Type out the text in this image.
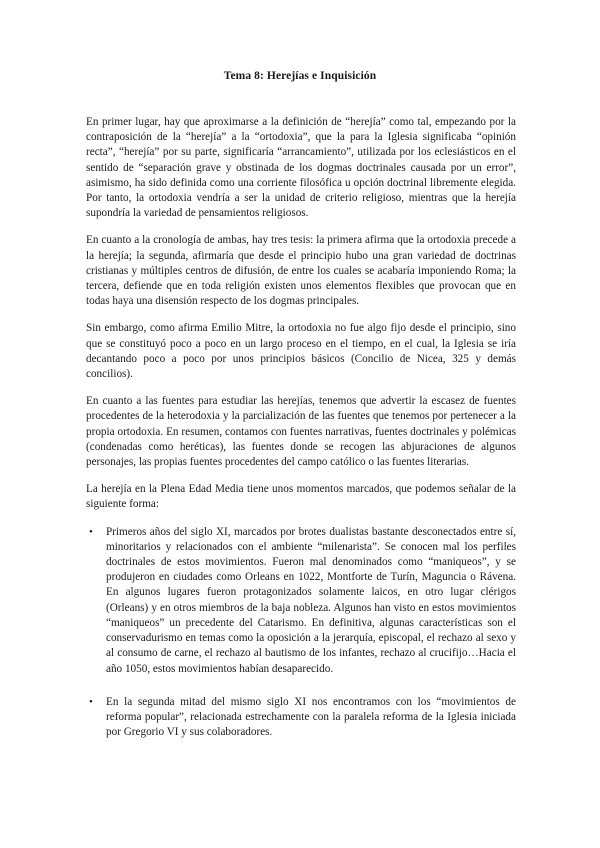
Tema 8: Herejías e Inquisición

En primer lugar, hay que aproximarse a la definición de “herejía” como tal, empezando por la contraposición de la “herejía” a la “ortodoxia”, que la para la Iglesia significaba “opinión recta”, “herejía” por su parte, significaría “arrancamiento”, utilizada por los eclesiásticos en el sentido de “separación grave y obstinada de los dogmas doctrinales causada por un error”, asimismo, ha sido definida como una corriente filosófica u opción doctrinal libremente elegida. Por tanto, la ortodoxia vendría a ser la unidad de criterio religioso, mientras que la herejía supondría la variedad de pensamientos religiosos.

En cuanto a la cronología de ambas, hay tres tesis: la primera afirma que la ortodoxia precede a la herejía; la segunda, afirmaría que desde el principio hubo una gran variedad de doctrinas cristianas y múltiples centros de difusión, de entre los cuales se acabaría imponiendo Roma; la tercera, defiende que en toda religión existen unos elementos flexibles que provocan que en todas haya una disensión respecto de los dogmas principales.

Sin embargo, como afirma Emilio Mitre, la ortodoxia no fue algo fijo desde el principio, sino que se constituyó poco a poco en un largo proceso en el tiempo, en el cual, la Iglesia se iría decantando poco a poco por unos principios básicos (Concilio de Nicea, 325 y demás concilios).

En cuanto a las fuentes para estudiar las herejías, tenemos que advertir la escasez de fuentes procedentes de la heterodoxia y la parcialización de las fuentes que tenemos por pertenecer a la propia ortodoxia. En resumen, contamos con fuentes narrativas, fuentes doctrinales y polémicas (condenadas como heréticas), las fuentes donde se recogen las abjuraciones de algunos personajes, las propias fuentes procedentes del campo católico o las fuentes literarias.

La herejía en la Plena Edad Media tiene unos momentos marcados, que podemos señalar de la siguiente forma:

• Primeros años del siglo XI, marcados por brotes dualistas bastante desconectados entre sí, minoritarios y relacionados con el ambiente “milenarista”. Se conocen mal los perfiles doctrinales de estos movimientos. Fueron mal denominados como “maniqueos”, y se produjeron en ciudades como Orleans en 1022, Montforte de Turín, Maguncia o Rávena. En algunos lugares fueron protagonizados solamente laicos, en otro lugar clérigos (Orleans) y en otros miembros de la baja nobleza. Algunos han visto en estos movimientos “maniqueos” un precedente del Catarismo. En definitiva, algunas características son el conservadurismo en temas como la oposición a la jerarquía, episcopal, el rechazo al sexo y al consumo de carne, el rechazo al bautismo de los infantes, rechazo al crucifijo…Hacia el año 1050, estos movimientos habían desaparecido.
• En la segunda mitad del mismo siglo XI nos encontramos con los “movimientos de reforma popular”, relacionada estrechamente con la paralela reforma de la Iglesia iniciada por Gregorio VI y sus colaboradores.
